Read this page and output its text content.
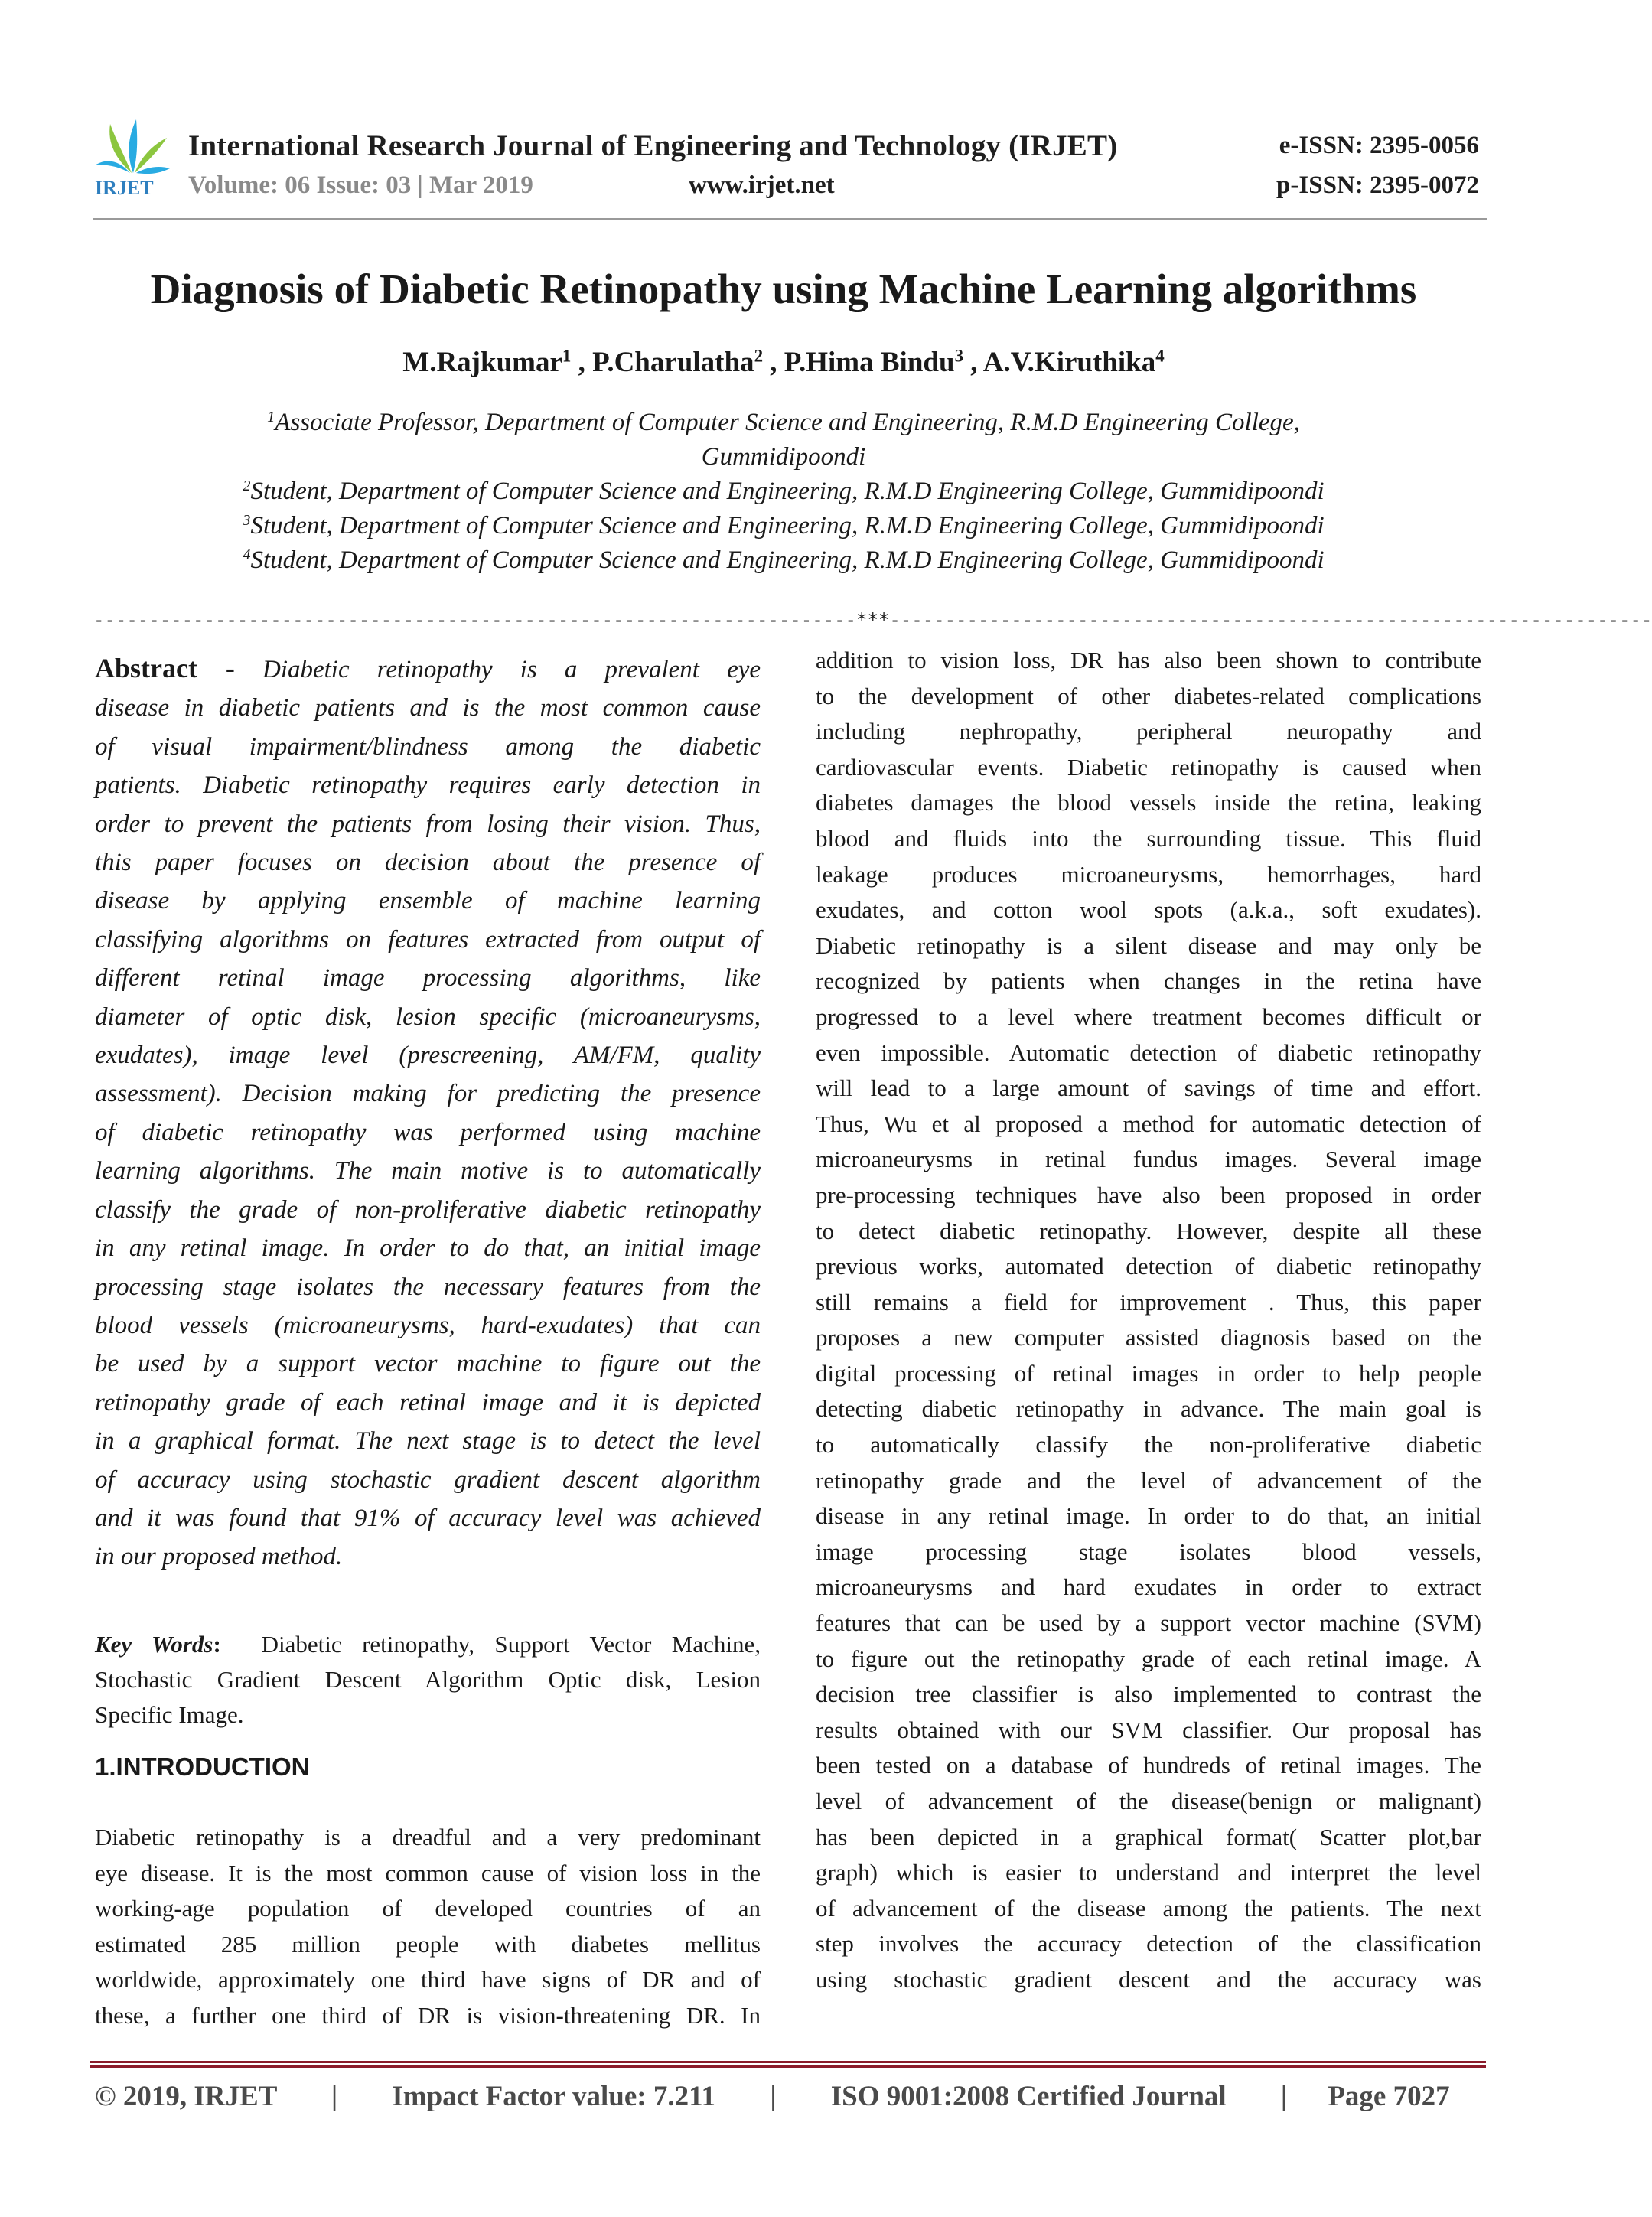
IRJET
International Research Journal of Engineering and Technology (IRJET)
Volume: 06 Issue: 03 | Mar 2019	www.irjet.net
e-ISSN: 2395-0056
p-ISSN: 2395-0072
Diagnosis of Diabetic Retinopathy using Machine Learning algorithms
M.Rajkumar$^1$ , P.Charulatha$^2$ , P.Hima Bindu$^3$ , A.V.Kiruthika$^4$
$^1$Associate Professor, Department of Computer Science and Engineering, R.M.D Engineering College,
Gummidipoondi
$^2$Student, Department of Computer Science and Engineering, R.M.D Engineering College, Gummidipoondi
$^3$Student, Department of Computer Science and Engineering, R.M.D Engineering College, Gummidipoondi
$^4$Student, Department of Computer Science and Engineering, R.M.D Engineering College, Gummidipoondi
---------------------------------------------------------------------***---------------------------------------------------------------------
Abstract - Diabetic retinopathy is a prevalent eye
disease in diabetic patients and is the most common cause
of visual impairment/blindness among the diabetic
patients. Diabetic retinopathy requires early detection in
order to prevent the patients from losing their vision. Thus,
this paper focuses on decision about the presence of
disease by applying ensemble of machine learning
classifying algorithms on features extracted from output of
different retinal image processing algorithms, like
diameter of optic disk, lesion specific (microaneurysms,
exudates), image level (prescreening, AM/FM, quality
assessment). Decision making for predicting the presence
of diabetic retinopathy was performed using machine
learning algorithms. The main motive is to automatically
classify the grade of non-proliferative diabetic retinopathy
in any retinal image. In order to do that, an initial image
processing stage isolates the necessary features from the
blood vessels (microaneurysms, hard-exudates) that can
be used by a support vector machine to figure out the
retinopathy grade of each retinal image and it is depicted
in a graphical format. The next stage is to detect the level
of accuracy using stochastic gradient descent algorithm
and it was found that 91% of accuracy level was achieved
in our proposed method.
Key Words:  Diabetic retinopathy, Support Vector Machine,
Stochastic Gradient Descent Algorithm Optic disk, Lesion
Specific Image.
1.INTRODUCTION
Diabetic retinopathy is a dreadful and a very predominant
eye disease. It is the most common cause of vision loss in the
working-age population of developed countries of an
estimated 285 million people with diabetes mellitus
worldwide, approximately one third have signs of DR and of
these, a further one third of DR is vision-threatening DR. In
addition to vision loss, DR has also been shown to contribute
to the development of other diabetes-related complications
including nephropathy, peripheral neuropathy and
cardiovascular events. Diabetic retinopathy is caused when
diabetes damages the blood vessels inside the retina, leaking
blood and fluids into the surrounding tissue. This fluid
leakage produces microaneurysms, hemorrhages, hard
exudates, and cotton wool spots (a.k.a., soft exudates).
Diabetic retinopathy is a silent disease and may only be
recognized by patients when changes in the retina have
progressed to a level where treatment becomes difficult or
even impossible. Automatic detection of diabetic retinopathy
will lead to a large amount of savings of time and effort.
Thus, Wu et al proposed a method for automatic detection of
microaneurysms in retinal fundus images. Several image
pre-processing techniques have also been proposed in order
to detect diabetic retinopathy. However, despite all these
previous works, automated detection of diabetic retinopathy
still remains a field for improvement . Thus, this paper
proposes a new computer assisted diagnosis based on the
digital processing of retinal images in order to help people
detecting diabetic retinopathy in advance. The main goal is
to automatically classify the non-proliferative diabetic
retinopathy grade and the level of advancement of the
disease in any retinal image. In order to do that, an initial
image processing stage isolates blood vessels,
microaneurysms and hard exudates in order to extract
features that can be used by a support vector machine (SVM)
to figure out the retinopathy grade of each retinal image. A
decision tree classifier is also implemented to contrast the
results obtained with our SVM classifier. Our proposal has
been tested on a database of hundreds of retinal images. The
level of advancement of the disease(benign or malignant)
has been depicted in a graphical format( Scatter plot,bar
graph) which is easier to understand and interpret the level
of advancement of the disease among the patients. The next
step involves the accuracy detection of the classification
using stochastic gradient descent and the accuracy was
© 2019, IRJET | Impact Factor value: 7.211 | ISO 9001:2008 Certified Journal | Page 7027
